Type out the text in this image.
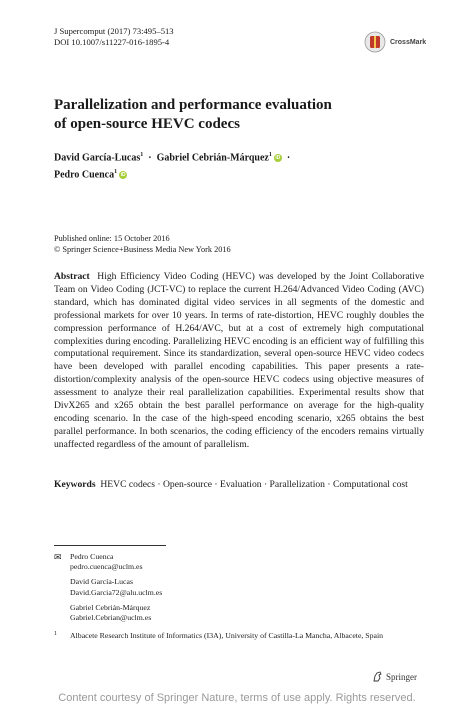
J Supercomput (2017) 73:495–513
DOI 10.1007/s11227-016-1895-4	CrossMark
Parallelization and performance evaluation
of open-source HEVC codecs
David García-Lucas$^1$ · Gabriel Cebrián-Márquez$^1$iD ·
Pedro Cuenca$^1$iD
Published online: 15 October 2016
© Springer Science+Business Media New York 2016
Abstract High Efficiency Video Coding (HEVC) was developed by the Joint Collaborative Team on Video Coding (JCT-VC) to replace the current H.264/Advanced Video Coding (AVC) standard, which has dominated digital video services in all segments of the domestic and professional markets for over 10 years. In terms of rate-distortion, HEVC roughly doubles the compression performance of H.264/AVC, but at a cost of extremely high computational complexities during encoding. Parallelizing HEVC encoding is an efficient way of fulfilling this computational requirement. Since its standardization, several open-source HEVC video codecs have been developed with parallel encoding capabilities. This paper presents a rate-distortion/complexity analysis of the open-source HEVC codecs using objective measures of assessment to analyze their real parallelization capabilities. Experimental results show that DivX265 and x265 obtain the best parallel performance on average for the high-quality encoding scenario. In the case of the high-speed encoding scenario, x265 obtains the best parallel performance. In both scenarios, the coding efficiency of the encoders remains virtually unaffected regardless of the amount of parallelism.
Keywords HEVC codecs · Open-source · Evaluation · Parallelization · Computational cost
✉ Pedro Cuenca
pedro.cuenca@uclm.es
David García-Lucas
David.Garcia72@alu.uclm.es
Gabriel Cebrián-Márquez
Gabriel.Cebrian@uclm.es
1 Albacete Research Institute of Informatics (I3A), University of Castilla-La Mancha, Albacete, Spain
Springer
Content courtesy of Springer Nature, terms of use apply. Rights reserved.
